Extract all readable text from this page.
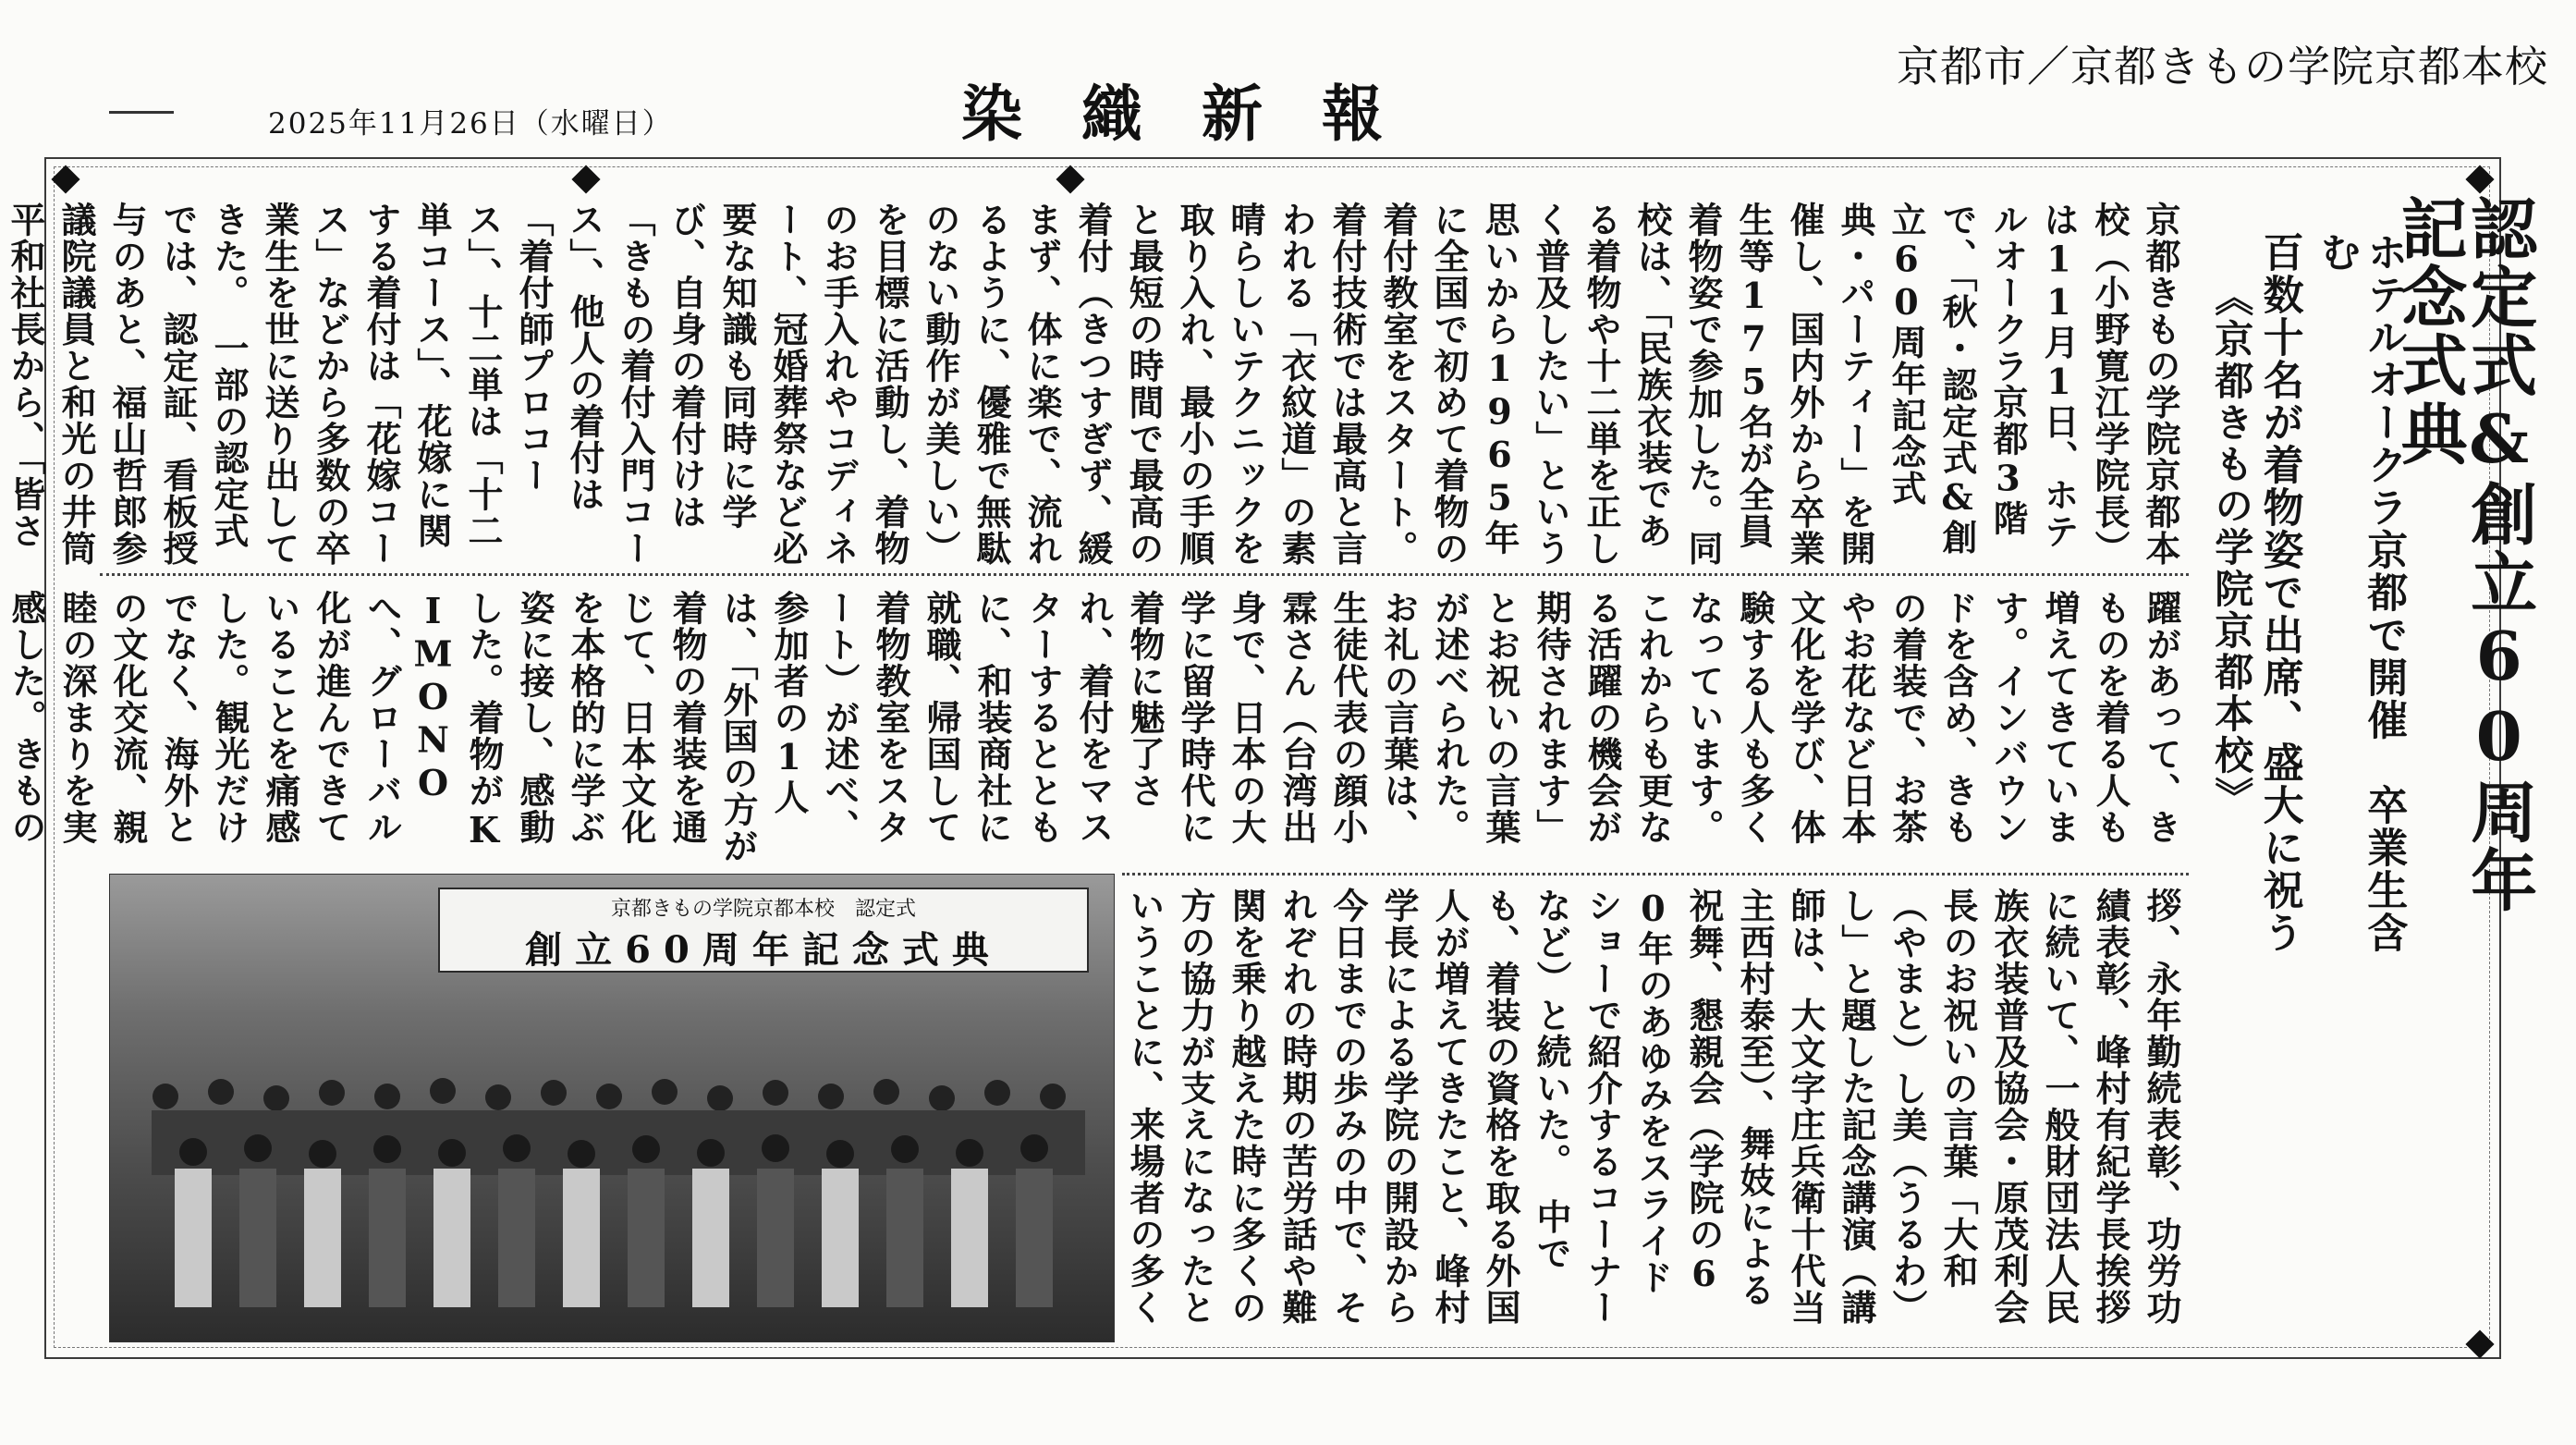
京都市／京都きもの学院京都本校
染織新報
2025年11月26日（水曜日）
認定式&創立60周年記念式典
ホテルオークラ京都で開催　卒業生含む
百数十名が着物姿で出席、盛大に祝う
《京都きもの学院京都本校》
京都きもの学院京都本校（小野寛江学院長）は11月1日、ホテルオークラ京都3階で、「秋・認定式&創立60周年記念式典・パーティー」を開催し、国内外から卒業生等175名が全員着物姿で参加した。同校は、「民族衣装である着物や十二単を正しく普及したい」という思いから1965年に全国で初めて着物の着付教室をスタート。着付技術では最高と言われる「衣紋道」の素晴らしいテクニックを取り入れ、最小の手順と最短の時間で最高の着付（きつすぎず、緩まず、体に楽で、流れるように、優雅で無駄のない動作が美しい）を目標に活動し、着物のお手入れやコディネート、冠婚葬祭など必要な知識も同時に学び、自身の着付けは「きもの着付入門コース」、他人の着付は「着付師プロコース」、十二単は「十二単コース」、花嫁に関する着付は「花嫁コース」などから多数の卒業生を世に送り出してきた。　一部の認定式では、認定証、看板授与のあと、福山哲郎参議院議員と和光の井筒平和社長から、「皆さ
躍があって、きものを着る人も増えてきています。インバウンドを含め、きもの着装で、お茶やお花など日本文化を学び、体験する人も多くなっています。これからも更なる活躍の機会が期待されます」とお祝いの言葉が述べられた。お礼の言葉は、生徒代表の顔小霖さん（台湾出身で、日本の大学に留学時代に着物に魅了され、着付をマスターするとともに、和装商社に就職、帰国して着物教室をスタート）が述べ、参加者の1人は、「外国の方が着物の着装を通じて、日本文化を本格的に学ぶ姿に接し、感動した。着物がKIMONOへ、グローバル化が進んできていることを痛感した。観光だけでなく、海外との文化交流、親睦の深まりを実感した。きもの　
拶、永年勤続表彰、功労功績表彰、峰村有紀学長挨拶に続いて、一般財団法人民族衣装普及協会・原茂利会長のお祝いの言葉「大和（やまと）し美（うるわ）し」と題した記念講演（講師は、大文字庄兵衛十代当主西村泰至）、舞妓による祝舞、懇親会（学院の60年のあゆみをスライドショーで紹介するコーナーなど）と続いた。　中でも、着装の資格を取る外国人が増えてきたこと、峰村学長による学院の開設から今日までの歩みの中で、それぞれの時期の苦労話や難関を乗り越えた時に多くの方の協力が支えになったということに、来場者の多く
京都きもの学院京都本校　認定式
創立60周年記念式典
